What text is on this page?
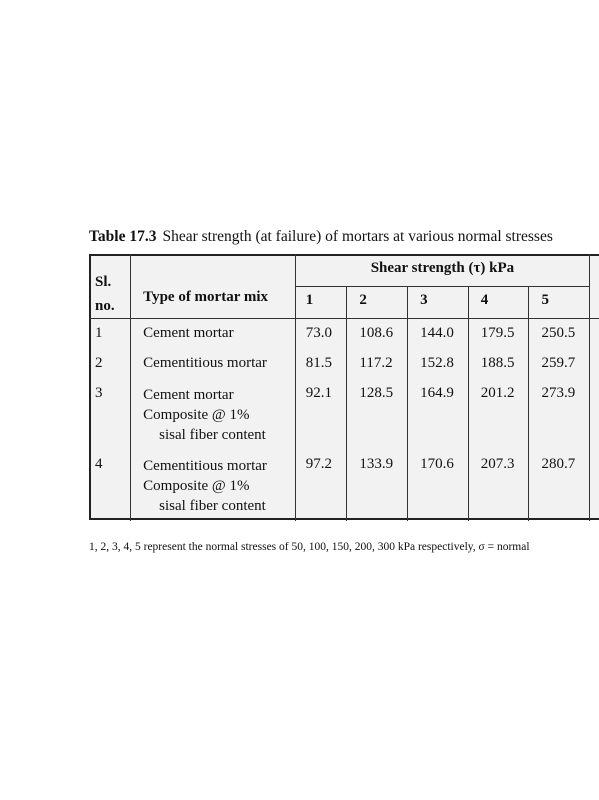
Table 17.3 Shear strength (at failure) of mortars at various normal stresses
Sl.
no.	Type of mortar mix	Shear strength (τ) kPa					
		1	2	3	4	5	
1	Cement mortar	73.0	108.6	144.0	179.5	250.5	
2	Cementitious mortar	81.5	117.2	152.8	188.5	259.7	
3	Cement mortar
Composite @ 1%
sisal fiber content	92.1	128.5	164.9	201.2	273.9	
4	Cementitious mortar
Composite @ 1%
sisal fiber content	97.2	133.9	170.6	207.3	280.7	
1, 2, 3, 4, 5 represent the normal stresses of 50, 100, 150, 200, 300 kPa respectively, σ = normal
